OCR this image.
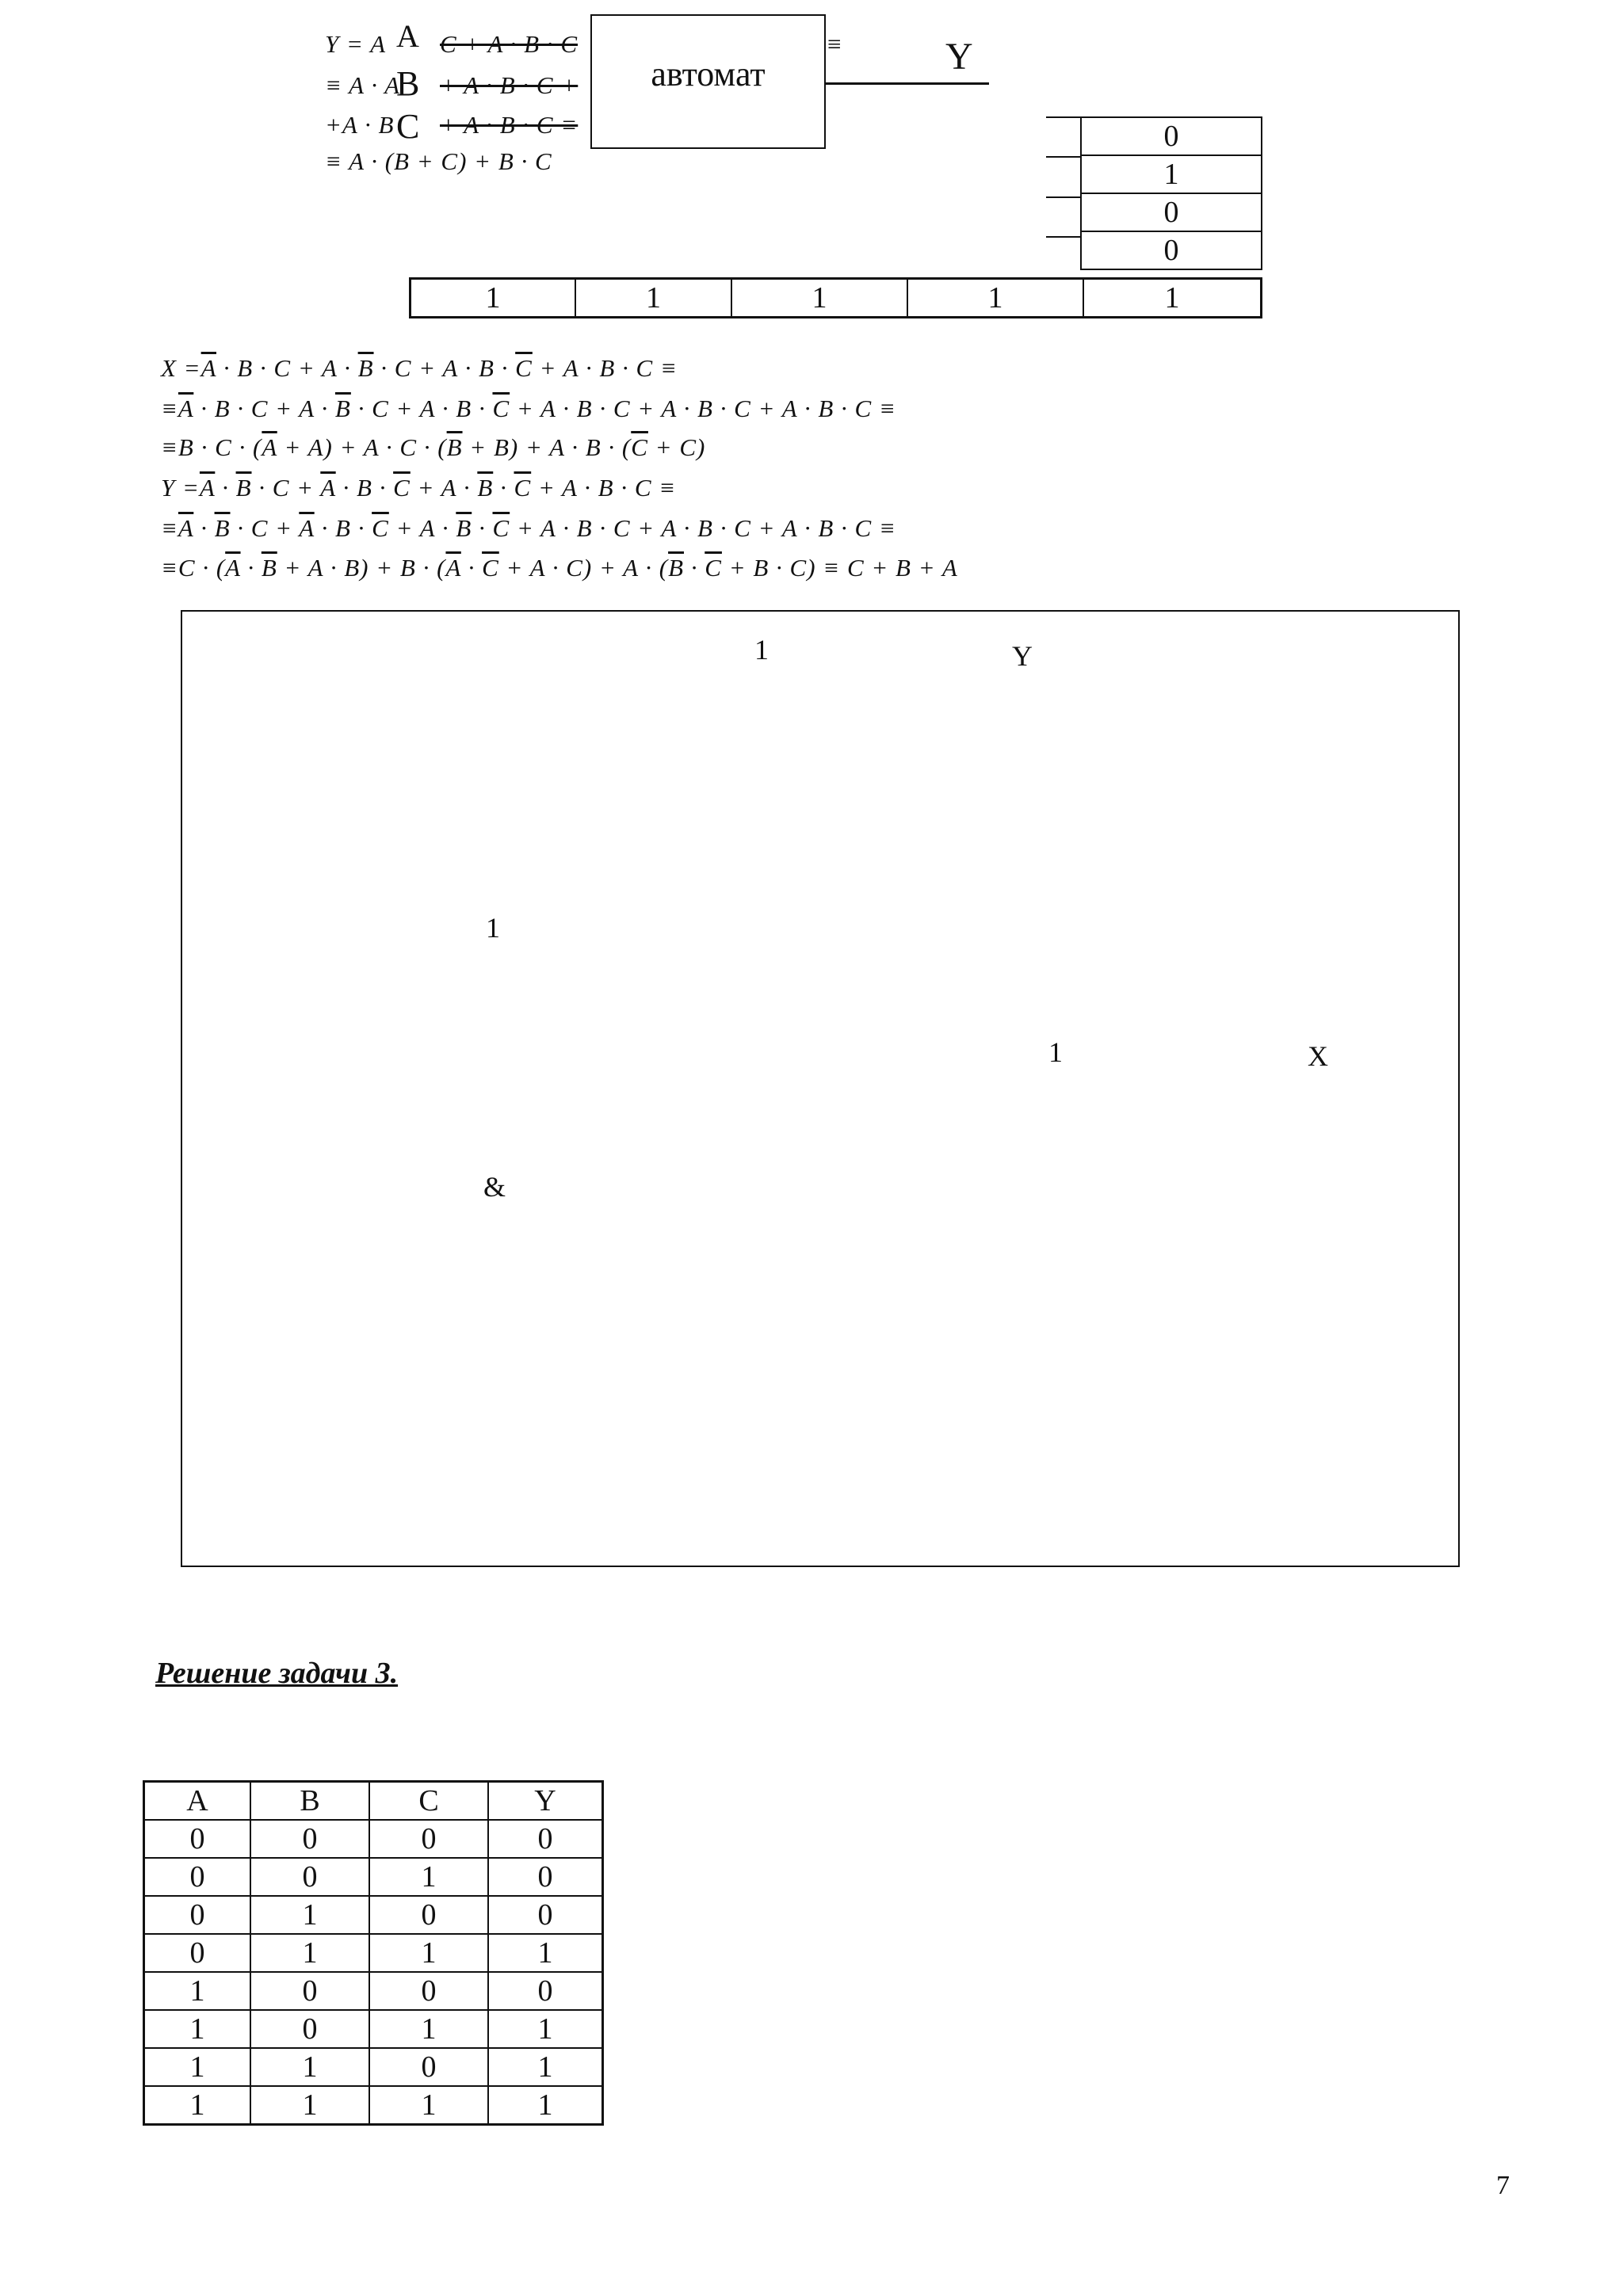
Y = A C + A · B · C	≡
≡ A · A + A · B · C +
+A · B + A · B · C ≡
≡ A · (B + C) + B · C
A
B
C
автомат	Y
0
1
0
0
1	1	1	1	1
$X =\overline{A} \cdot B \cdot C + A \cdot \overline{B} \cdot C + A \cdot B \cdot \overline{C} + A \cdot B \cdot C$ ≡
$\equiv\overline{A} \cdot B \cdot C + A \cdot \overline{B} \cdot C + A \cdot B \cdot \overline{C} + A \cdot B \cdot C + A \cdot B \cdot C + A \cdot B \cdot C$ ≡
$\equiv B \cdot C \cdot (\overline{A} + A) + A \cdot C \cdot (\overline{B} + B) + A \cdot B \cdot (\overline{C} + C)$
$Y =\overline{A} \cdot \overline{B} \cdot C + \overline{A} \cdot B \cdot \overline{C} + A \cdot \overline{B} \cdot \overline{C} + A \cdot B \cdot C$ ≡
$\equiv\overline{A} \cdot \overline{B} \cdot C + \overline{A} \cdot B \cdot \overline{C} + A \cdot \overline{B} \cdot \overline{C} + A \cdot B \cdot C + A \cdot B \cdot C + A \cdot B \cdot C$ ≡
$\equiv C \cdot (\overline{A} \cdot \overline{B} + A \cdot B) + B \cdot (\overline{A} \cdot \overline{C} + A \cdot C) + A \cdot (\overline{B} \cdot \overline{C} + B \cdot C) \equiv C + B + A$
1	Y
1
1	X
&
Решение задачи 3.
A	B	C	Y
0	0	0	0
0	0	1	0
0	1	0	0
0	1	1	1
1	0	0	0
1	0	1	1
1	1	0	1
1	1	1	1
7
